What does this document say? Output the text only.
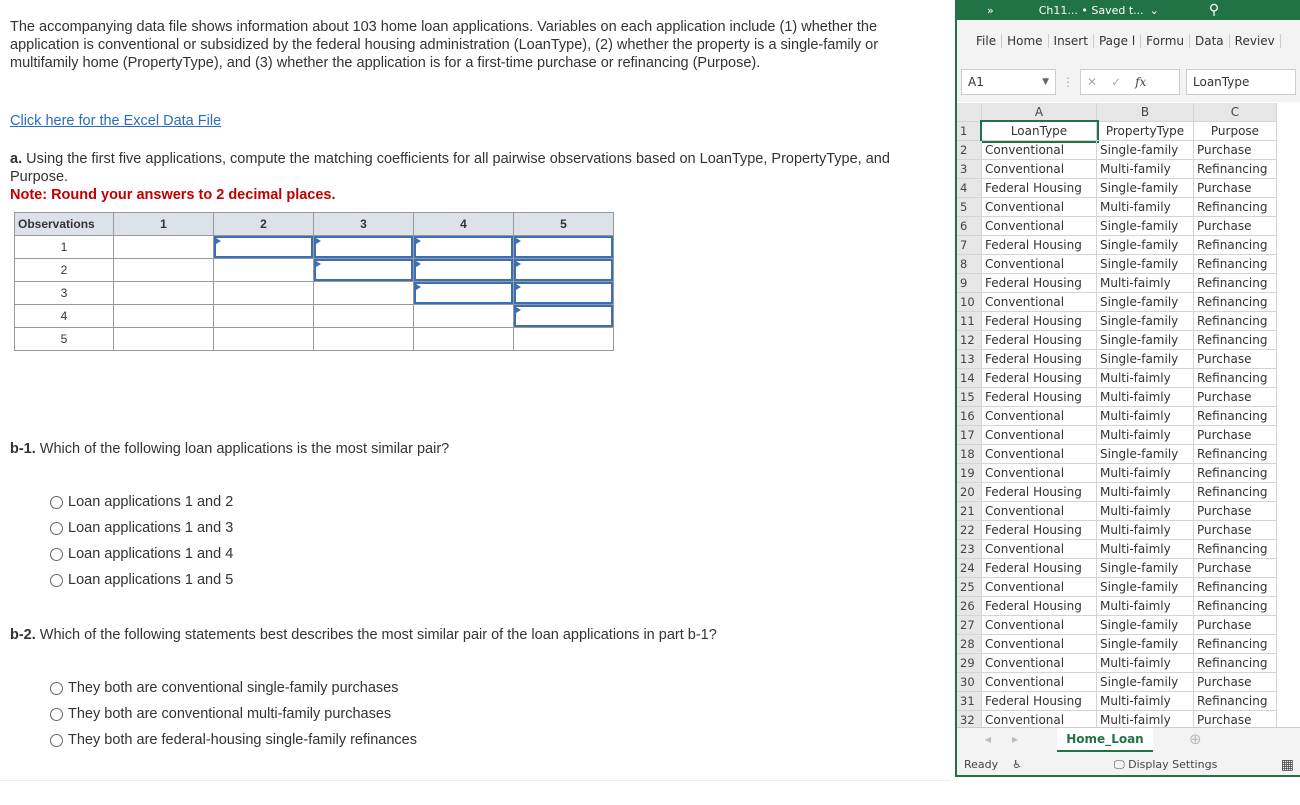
The accompanying data file shows information about 103 home loan applications. Variables on each application include (1) whether the application is conventional or subsidized by the federal housing administration (LoanType), (2) whether the property is a single-family or multifamily home (PropertyType), and (3) whether the application is for a first-time purchase or refinancing (Purpose).

Click here for the Excel Data File

a. Using the first five applications, compute the matching coefficients for all pairwise observations based on LoanType, PropertyType, and Purpose.

Note: Round your answers to 2 decimal places.

Observations	1	2	3	4	5
1		

2			

3				

4					

5					
b-1. Which of the following loan applications is the most similar pair?
Loan applications 1 and 2
Loan applications 1 and 3
Loan applications 1 and 4
Loan applications 1 and 5
b-2. Which of the following statements best describes the most similar pair of the loan applications in part b-1?
They both are conventional single-family purchases
They both are conventional multi-family purchases
They both are federal-housing single-family refinances
»	Ch11... • Saved t... ⌄	⚲
File Home Insert Page l Formu Data Reviev
A1	▼ ⋮ ✕ ✓ fx	LoanType
A	B	C
1	LoanType	PropertyType	Purpose
2	Conventional	Single-family	Purchase
3	Conventional	Multi-family	Refinancing
4	Federal Housing	Single-family	Purchase
5	Conventional	Multi-family	Refinancing
6	Conventional	Single-family	Purchase
7	Federal Housing	Single-family	Refinancing
8	Conventional	Single-family	Refinancing
9	Federal Housing	Multi-faimly	Refinancing
10 Conventional	Single-family	Refinancing
11 Federal Housing	Single-family	Refinancing
12 Federal Housing	Single-family	Refinancing
13 Federal Housing	Single-family	Purchase
14 Federal Housing	Multi-faimly	Refinancing
15 Federal Housing	Multi-faimly	Purchase
16 Conventional	Multi-faimly	Refinancing
17 Conventional	Multi-faimly	Purchase
18 Conventional	Single-family	Refinancing
19 Conventional	Multi-faimly	Refinancing
20 Federal Housing	Multi-faimly	Refinancing
21 Conventional	Multi-faimly	Purchase
22 Federal Housing	Multi-faimly	Purchase
23 Conventional	Multi-faimly	Refinancing
24 Federal Housing	Single-family	Purchase
25 Conventional	Single-family	Refinancing
26 Federal Housing	Multi-faimly	Refinancing
27 Conventional	Single-family	Purchase
28 Conventional	Single-family	Refinancing
29 Conventional	Multi-faimly	Refinancing
30 Conventional	Single-family	Purchase
31 Federal Housing	Multi-faimly	Refinancing
32 Conventional	Multi-faimly	Purchase
◂ ▸	Home_Loan	⊕
Ready ♿	🖵 Display Settings	▦
